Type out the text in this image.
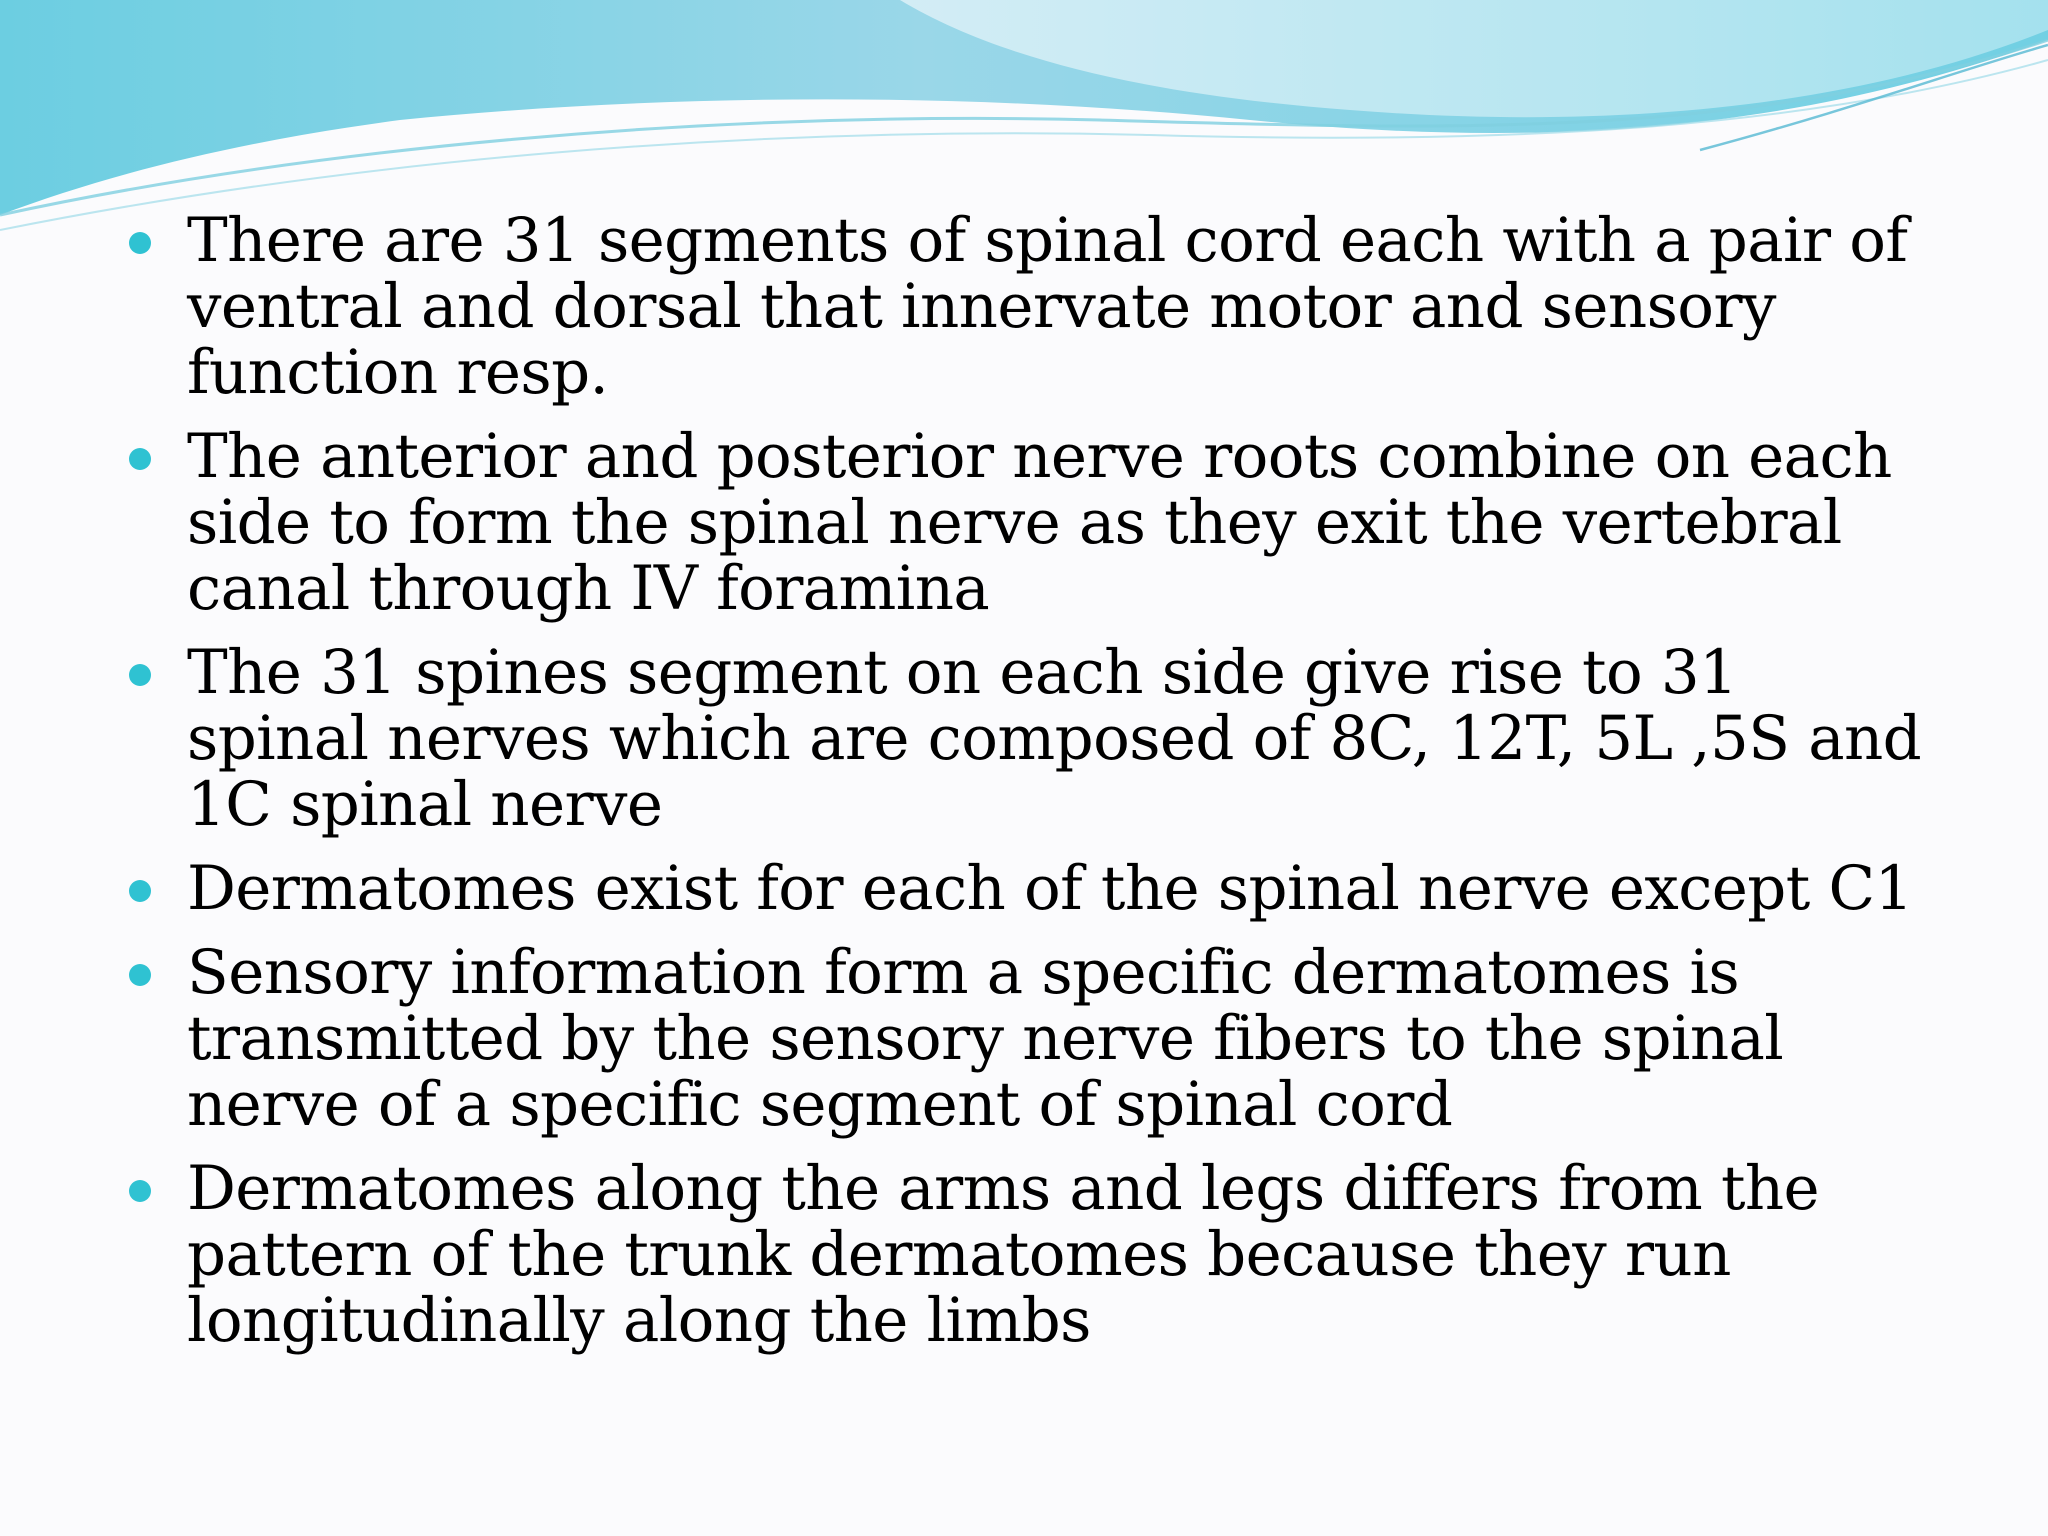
There are 31 segments of spinal cord each with a pair of ventral and dorsal that innervate motor and sensory function resp.
The anterior and posterior nerve roots combine on each side to form the spinal nerve as they exit the vertebral canal through IV foramina
The 31 spines segment on each side give rise to 31 spinal nerves which are composed of 8C, 12T, 5L ,5S and 1C spinal nerve
Dermatomes exist for each of the spinal nerve except C1
Sensory information form a specific dermatomes is transmitted by the sensory nerve fibers to the spinal nerve of a specific segment of spinal cord
Dermatomes along the arms and legs differs from the pattern of the trunk dermatomes because they run longitudinally along the limbs
